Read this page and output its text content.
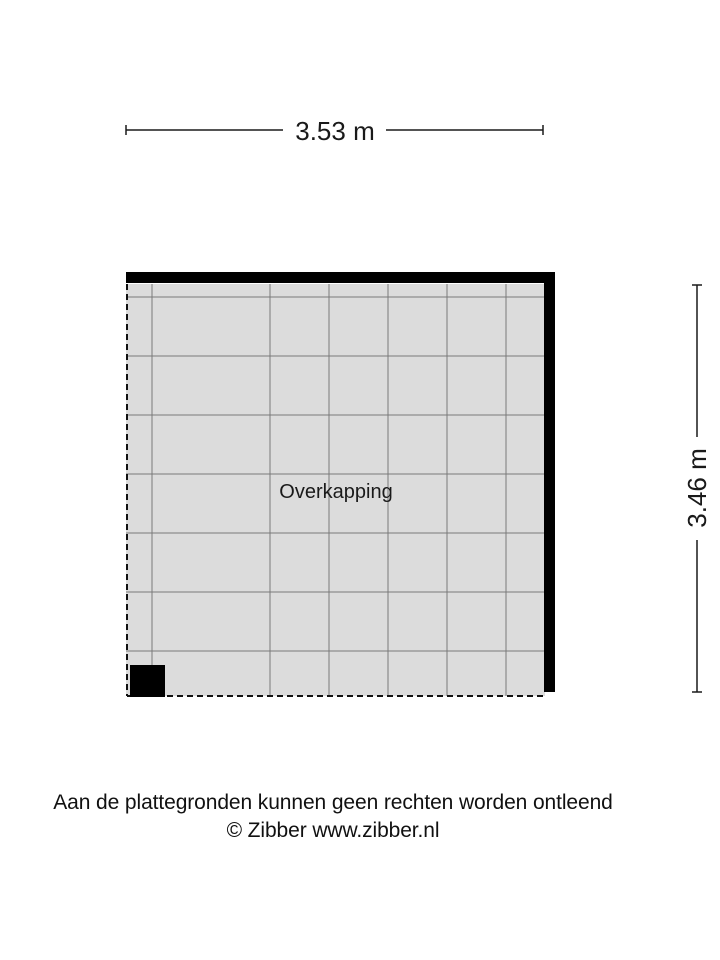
3.53 m
3.46 m
Overkapping
Aan de plattegronden kunnen geen rechten worden ontleend
© Zibber www.zibber.nl
